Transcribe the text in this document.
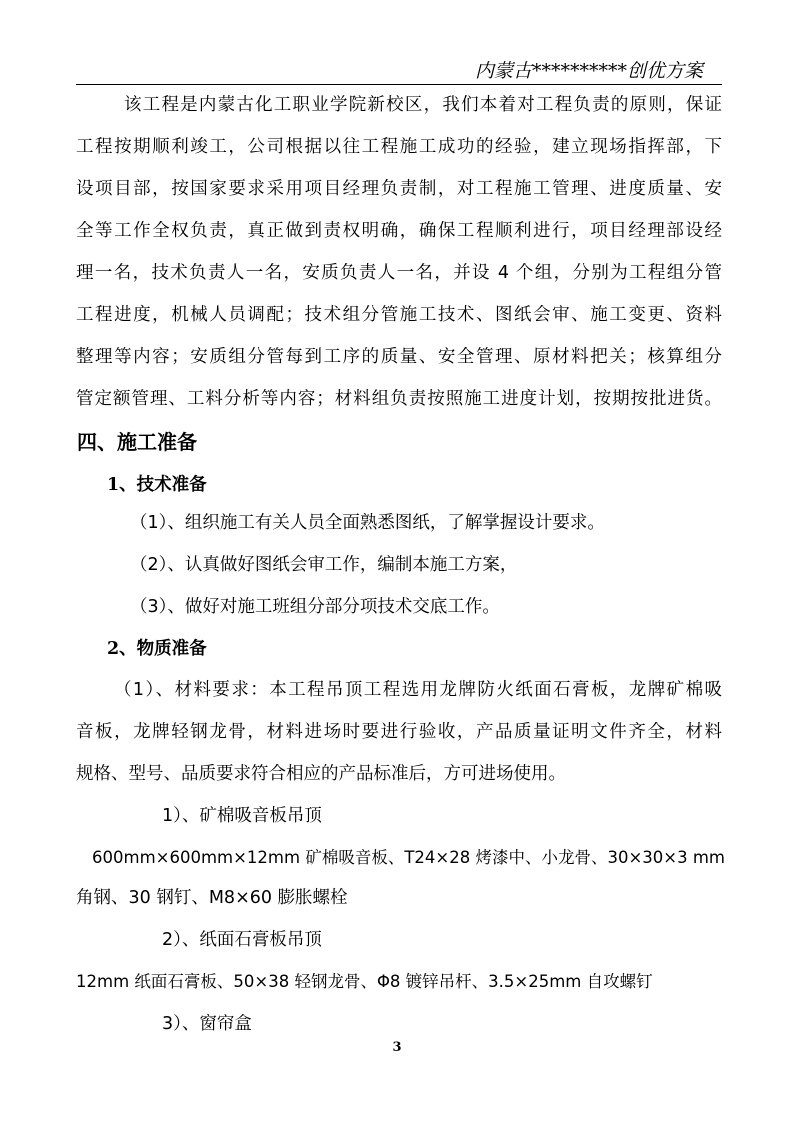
内蒙古**********创优方案
该工程是内蒙古化工职业学院新校区，我们本着对工程负责的原则，保证
工程按期顺利竣工，公司根据以往工程施工成功的经验，建立现场指挥部，下
设项目部，按国家要求采用项目经理负责制，对工程施工管理、进度质量、安
全等工作全权负责，真正做到责权明确，确保工程顺利进行，项目经理部设经
理一名，技术负责人一名，安质负责人一名，并设 4 个组，分别为工程组分管
工程进度，机械人员调配；技术组分管施工技术、图纸会审、施工变更、资料
整理等内容；安质组分管每到工序的质量、安全管理、原材料把关；核算组分
管定额管理、工料分析等内容；材料组负责按照施工进度计划，按期按批进货。
四、施工准备
1、技术准备
（1）、组织施工有关人员全面熟悉图纸，了解掌握设计要求。
（2）、认真做好图纸会审工作，编制本施工方案，
（3）、做好对施工班组分部分项技术交底工作。
2、物质准备
（1）、材料要求：本工程吊顶工程选用龙牌防火纸面石膏板，龙牌矿棉吸
音板，龙牌轻钢龙骨，材料进场时要进行验收，产品质量证明文件齐全，材料
规格、型号、品质要求符合相应的产品标准后，方可进场使用。
1）、矿棉吸音板吊顶
600mm×600mm×12mm 矿棉吸音板、T24×28 烤漆中、小龙骨、30×30×3 mm
角钢、30 钢钉、M8×60 膨胀螺栓
2）、纸面石膏板吊顶
12mm 纸面石膏板、50×38 轻钢龙骨、Φ8 镀锌吊杆、3.5×25mm 自攻螺钉
3）、窗帘盒
3
